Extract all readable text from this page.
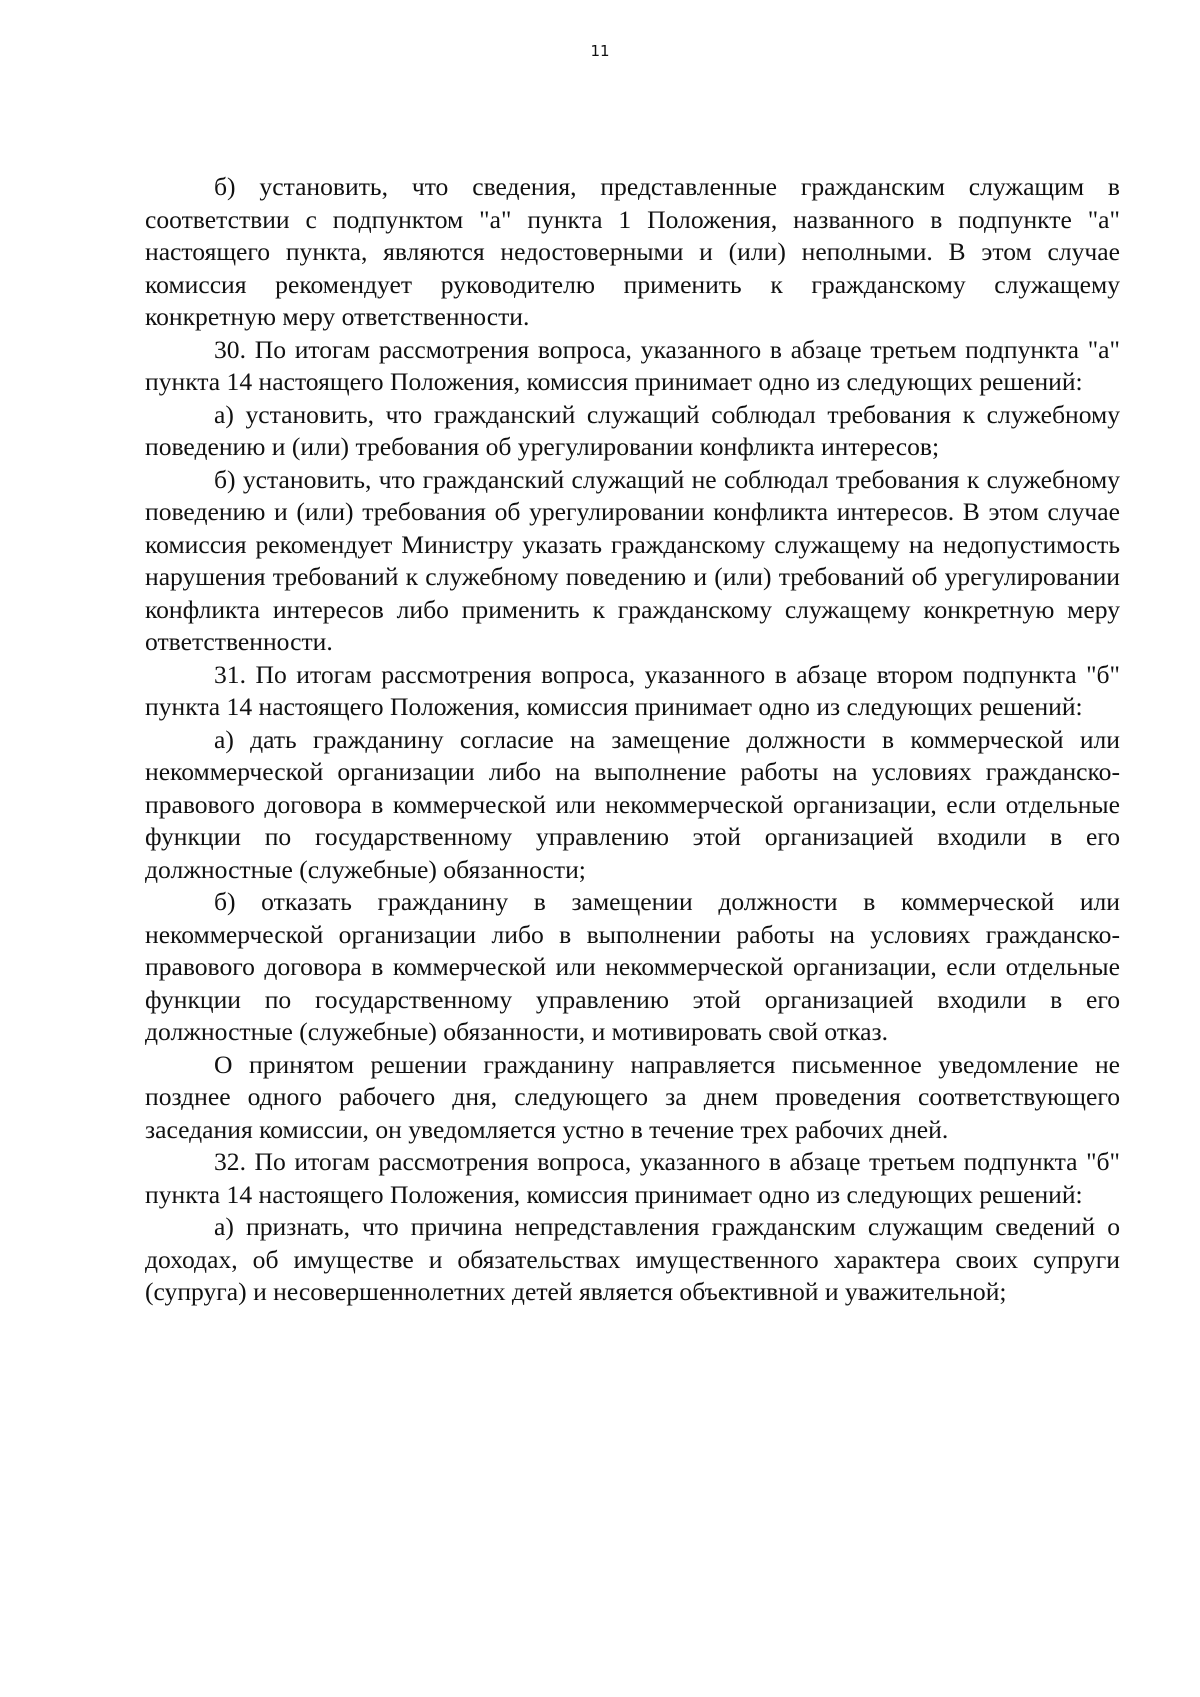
11

б) установить, что сведения, представленные гражданским служащим в соответствии с подпунктом "а" пункта 1 Положения, названного в подпункте "а" настоящего пункта, являются недостоверными и (или) неполными. В этом случае комиссия рекомендует руководителю применить к гражданскому служащему конкретную меру ответственности.

30. По итогам рассмотрения вопроса, указанного в абзаце третьем подпункта "а" пункта 14 настоящего Положения, комиссия принимает одно из следующих решений:

а) установить, что гражданский служащий соблюдал требования к служебному поведению и (или) требования об урегулировании конфликта интересов;

б) установить, что гражданский служащий не соблюдал требования к служебному поведению и (или) требования об урегулировании конфликта интересов. В этом случае комиссия рекомендует Министру указать гражданскому служащему на недопустимость нарушения требований к служебному поведению и (или) требований об урегулировании конфликта интересов либо применить к гражданскому служащему конкретную меру ответственности.

31. По итогам рассмотрения вопроса, указанного в абзаце втором подпункта "б" пункта 14 настоящего Положения, комиссия принимает одно из следующих решений:

а) дать гражданину согласие на замещение должности в коммерческой или некоммерческой организации либо на выполнение работы на условиях гражданско-правового договора в коммерческой или некоммерческой организации, если отдельные функции по государственному управлению этой организацией входили в его должностные (служебные) обязанности;

б) отказать гражданину в замещении должности в коммерческой или некоммерческой организации либо в выполнении работы на условиях гражданско-правового договора в коммерческой или некоммерческой организации, если отдельные функции по государственному управлению этой организацией входили в его должностные (служебные) обязанности, и мотивировать свой отказ.

О принятом решении гражданину направляется письменное уведомление не позднее одного рабочего дня, следующего за днем проведения соответствующего заседания комиссии, он уведомляется устно в течение трех рабочих дней.

32. По итогам рассмотрения вопроса, указанного в абзаце третьем подпункта "б" пункта 14 настоящего Положения, комиссия принимает одно из следующих решений:

а) признать, что причина непредставления гражданским служащим сведений о доходах, об имуществе и обязательствах имущественного характера своих супруги (супруга) и несовершеннолетних детей является объективной и уважительной;
